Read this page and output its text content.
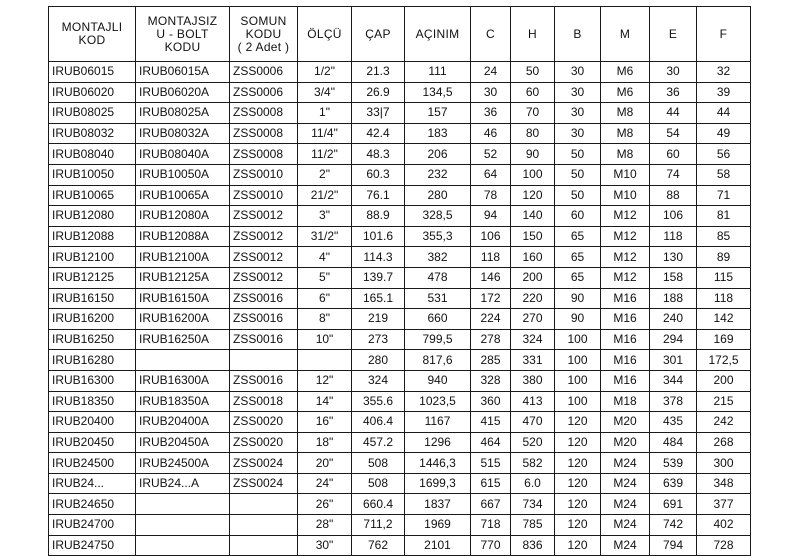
MONTAJLI
KOD	MONTAJSIZ
U - BOLT
KODU	SOMUN
KODU
( 2 Adet )	ÖLÇÜ	ÇAP	AÇINIM	C	H	B	M	E	F

IRUB06015	IRUB06015A	ZSS0006	1/2"	21.3	111	24	50	30	M6	30	32
IRUB06020	IRUB06020A	ZSS0006	3/4"	26.9	134,5	30	60	30	M6	36	39
IRUB08025	IRUB08025A	ZSS0008	1"	33|7	157	36	70	30	M8	44	44
IRUB08032	IRUB08032A	ZSS0008	11/4"	42.4	183	46	80	30	M8	54	49
IRUB08040	IRUB08040A	ZSS0008	11/2"	48.3	206	52	90	50	M8	60	56
IRUB10050	IRUB10050A	ZSS0010	2"	60.3	232	64	100	50	M10	74	58
IRUB10065	IRUB10065A	ZSS0010	21/2"	76.1	280	78	120	50	M10	88	71
IRUB12080	IRUB12080A	ZSS0012	3"	88.9	328,5	94	140	60	M12	106	81
IRUB12088	IRUB12088A	ZSS0012	31/2"	101.6	355,3	106	150	65	M12	118	85
IRUB12100	IRUB12100A	ZSS0012	4"	114.3	382	118	160	65	M12	130	89
IRUB12125	IRUB12125A	ZSS0012	5"	139.7	478	146	200	65	M12	158	115
IRUB16150	IRUB16150A	ZSS0016	6"	165.1	531	172	220	90	M16	188	118
IRUB16200	IRUB16200A	ZSS0016	8"	219	660	224	270	90	M16	240	142
IRUB16250	IRUB16250A	ZSS0016	10"	273	799,5	278	324	100	M16	294	169
IRUB16280				280	817,6	285	331	100	M16	301	172,5
IRUB16300	IRUB16300A	ZSS0016	12"	324	940	328	380	100	M16	344	200
IRUB18350	IRUB18350A	ZSS0018	14"	355.6	1023,5	360	413	100	M18	378	215
IRUB20400	IRUB20400A	ZSS0020	16"	406.4	1167	415	470	120	M20	435	242
IRUB20450	IRUB20450A	ZSS0020	18"	457.2	1296	464	520	120	M20	484	268
IRUB24500	IRUB24500A	ZSS0024	20"	508	1446,3	515	582	120	M24	539	300
IRUB24...	IRUB24...A	ZSS0024	24"	508	1699,3	615	6.0	120	M24	639	348
IRUB24650			26"	660.4	1837	667	734	120	M24	691	377
IRUB24700			28"	711,2	1969	718	785	120	M24	742	402
IRUB24750			30"	762	2101	770	836	120	M24	794	728
